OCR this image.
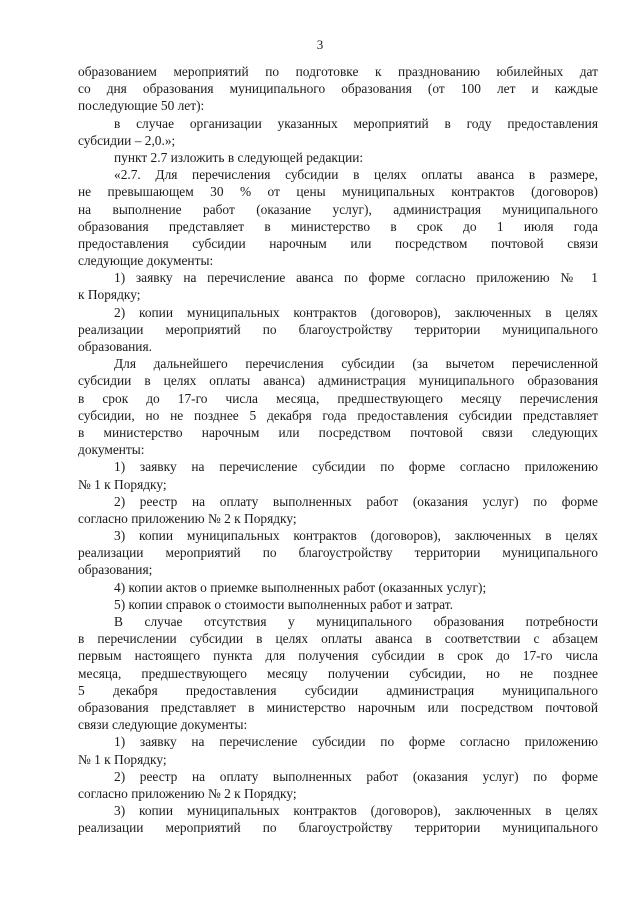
3
образованием мероприятий по подготовке к празднованию юбилейных дат
со дня образования муниципального образования (от 100 лет и каждые
последующие 50 лет):
в случае организации указанных мероприятий в году предоставления
субсидии – 2,0.»;
пункт 2.7 изложить в следующей редакции:
«2.7. Для перечисления субсидии в целях оплаты аванса в размере,
не превышающем 30 % от цены муниципальных контрактов (договоров)
на выполнение работ (оказание услуг), администрация муниципального
образования представляет в министерство в срок до 1 июля года
предоставления субсидии нарочным или посредством почтовой связи
следующие документы:
1) заявку на перечисление аванса по форме согласно приложению № 1
к Порядку;
2) копии муниципальных контрактов (договоров), заключенных в целях
реализации мероприятий по благоустройству территории муниципального
образования.
Для дальнейшего перечисления субсидии (за вычетом перечисленной
субсидии в целях оплаты аванса) администрация муниципального образования
в срок до 17-го числа месяца, предшествующего месяцу перечисления
субсидии, но не позднее 5 декабря года предоставления субсидии представляет
в министерство нарочным или посредством почтовой связи следующих
документы:
1) заявку на перечисление субсидии по форме согласно приложению
№ 1 к Порядку;
2) реестр на оплату выполненных работ (оказания услуг) по форме
согласно приложению № 2 к Порядку;
3) копии муниципальных контрактов (договоров), заключенных в целях
реализации мероприятий по благоустройству территории муниципального
образования;
4) копии актов о приемке выполненных работ (оказанных услуг);
5) копии справок о стоимости выполненных работ и затрат.
В случае отсутствия у муниципального образования потребности
в перечислении субсидии в целях оплаты аванса в соответствии с абзацем
первым настоящего пункта для получения субсидии в срок до 17-го числа
месяца, предшествующего месяцу получении субсидии, но не позднее
5 декабря предоставления субсидии администрация муниципального
образования представляет в министерство нарочным или посредством почтовой
связи следующие документы:
1) заявку на перечисление субсидии по форме согласно приложению
№ 1 к Порядку;
2) реестр на оплату выполненных работ (оказания услуг) по форме
согласно приложению № 2 к Порядку;
3) копии муниципальных контрактов (договоров), заключенных в целях
реализации мероприятий по благоустройству территории муниципального
